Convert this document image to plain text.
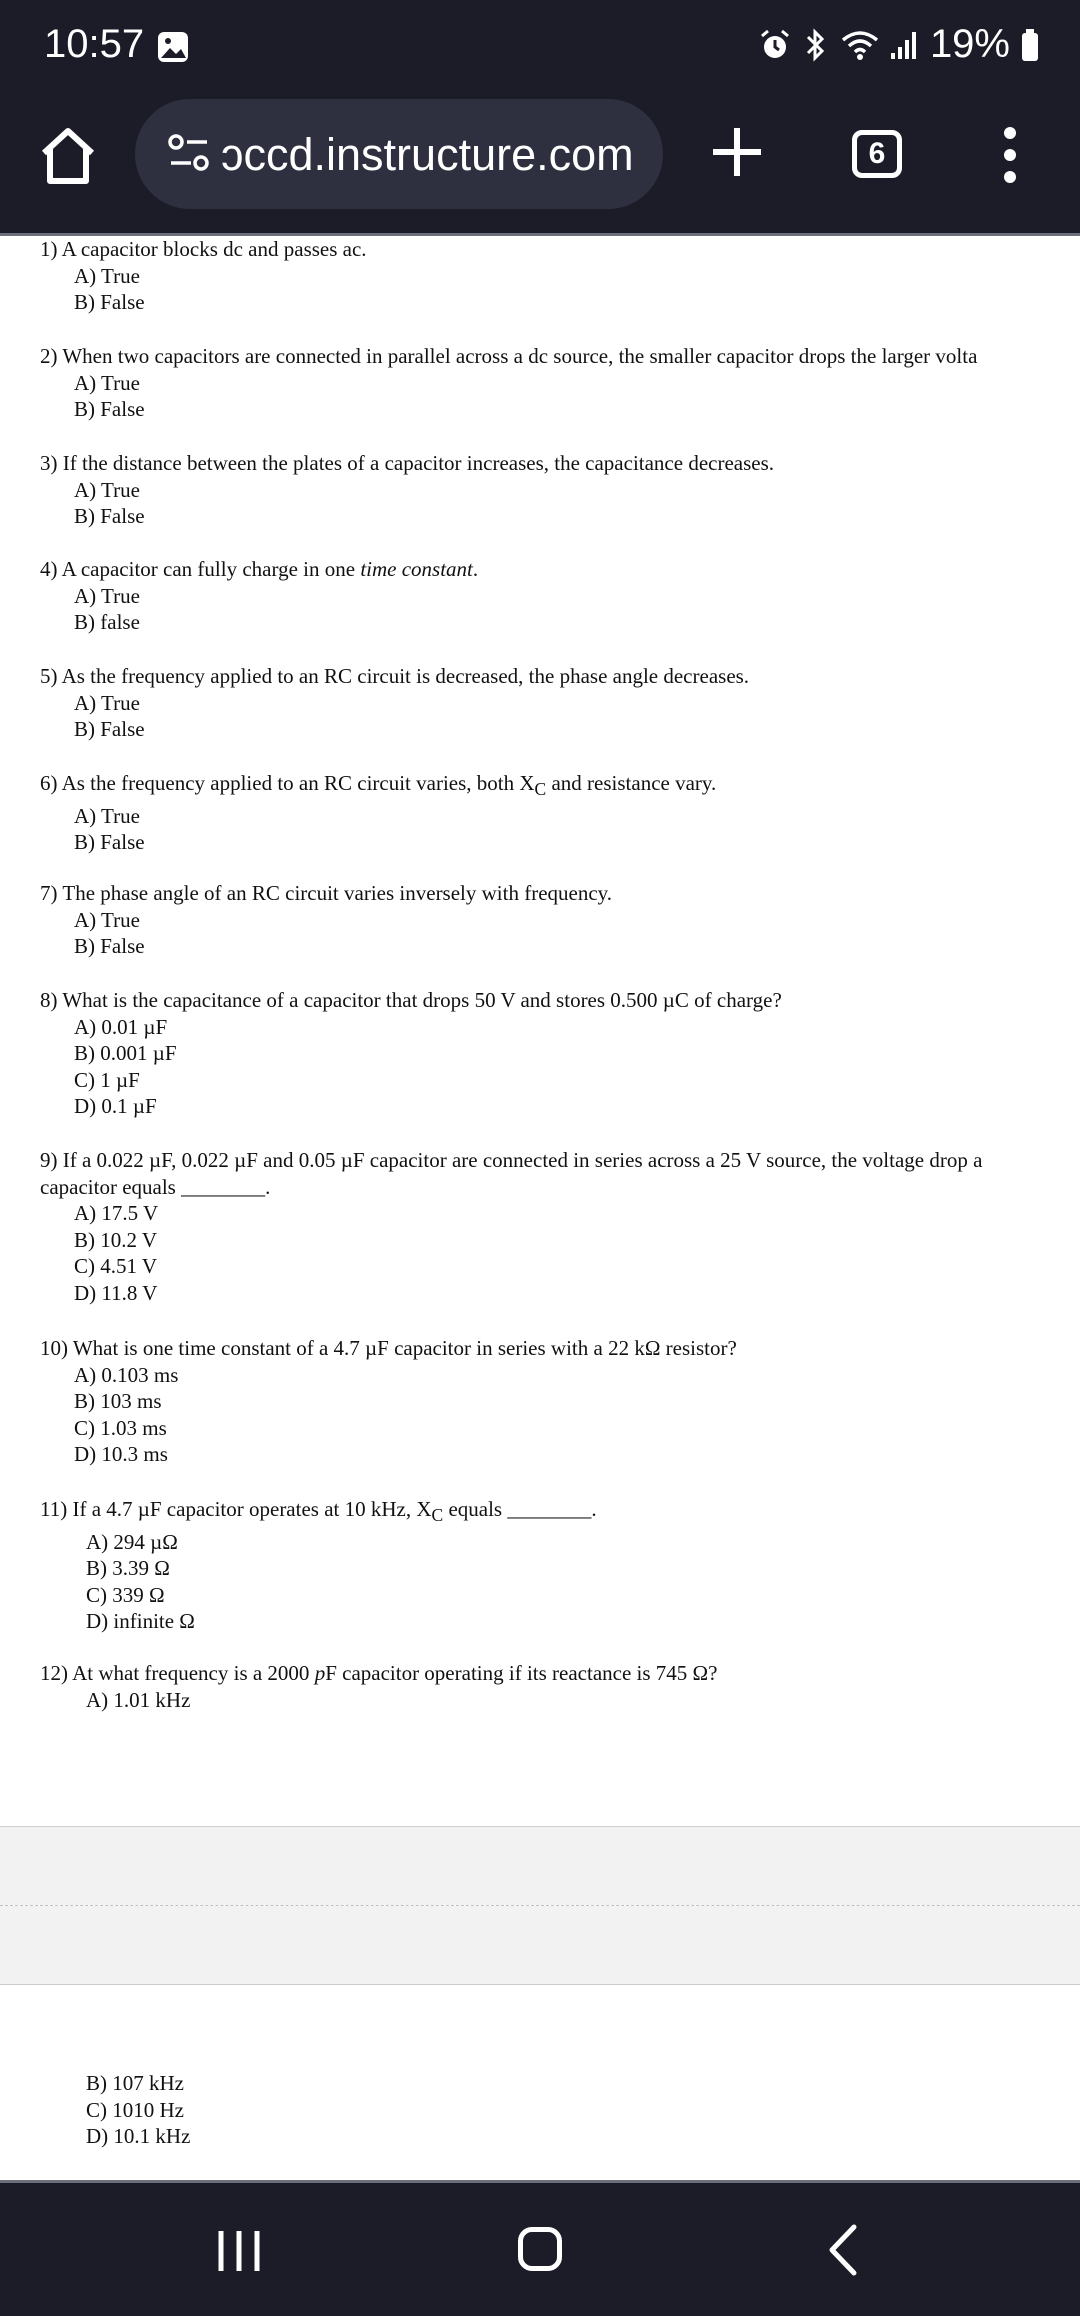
10:57	19%
ɔccd.instructure.com	6
1) A capacitor blocks dc and passes ac.
A) True
B) False
2) When two capacitors are connected in parallel across a dc source, the smaller capacitor drops the larger volta
A) True
B) False
3) If the distance between the plates of a capacitor increases, the capacitance decreases.
A) True
B) False
4) A capacitor can fully charge in one time constant.
A) True
B) false
5) As the frequency applied to an RC circuit is decreased, the phase angle decreases.
A) True
B) False
6) As the frequency applied to an RC circuit varies, both $X_C$ and resistance vary.
A) True
B) False
7) The phase angle of an RC circuit varies inversely with frequency.
A) True
B) False
8) What is the capacitance of a capacitor that drops 50 V and stores 0.500 µC of charge?
A) 0.01 µF
B) 0.001 µF
C) 1 µF
D) 0.1 µF
9) If a 0.022 µF, 0.022 µF and 0.05 µF capacitor are connected in series across a 25 V source, the voltage drop a
capacitor equals ________.
A) 17.5 V
B) 10.2 V
C) 4.51 V
D) 11.8 V
10) What is one time constant of a 4.7 µF capacitor in series with a 22 kΩ resistor?
A) 0.103 ms
B) 103 ms
C) 1.03 ms
D) 10.3 ms
11) If a 4.7 µF capacitor operates at 10 kHz, $X_C$ equals ________.
A) 294 µΩ
B) 3.39 Ω
C) 339 Ω
D) infinite Ω
12) At what frequency is a 2000 pF capacitor operating if its reactance is 745 Ω?
A) 1.01 kHz
B) 107 kHz
C) 1010 Hz
D) 10.1 kHz
